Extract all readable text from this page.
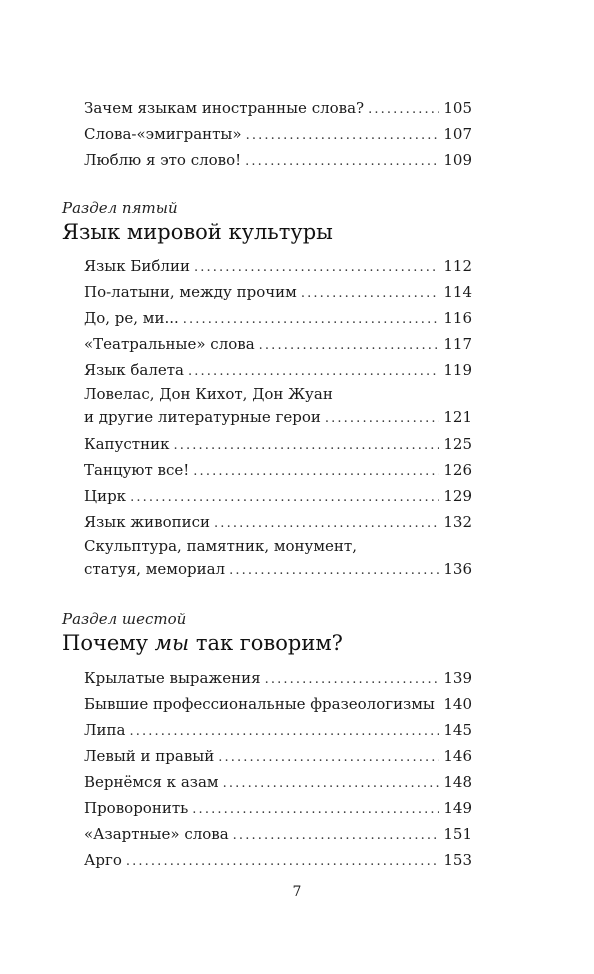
Зачем языкам иностранные слова? . . .	105
Слова-«эмигранты» . . .	107
Люблю я это слово! . . .	109
Раздел пятый
Язык мировой культуры
Язык Библии . . .	112
По-латыни, между прочим . . .	114
До, ре, ми... . . .	116
«Театральные» слова . . .	117
Язык балета . . .	119
Ловелас, Дон Кихот, Дон Жуан
и другие литературные герои . . .	121
Капустник . . .	125
Танцуют все! . . .	126
Цирк . . .	129
Язык живописи . . .	132
Скульптура, памятник, монумент,
статуя, мемориал . . .	136
Раздел шестой
Почему мы так говорим?
Крылатые выражения . . .	139
Бывшие профессиональные фразеологизмы . . . 140
Липа . . .	145
Левый и правый . . .	146
Вернёмся к азам . . .	148
Проворонить . . .	149
«Азартные» слова . . .	151
Арго . . .	153
7
